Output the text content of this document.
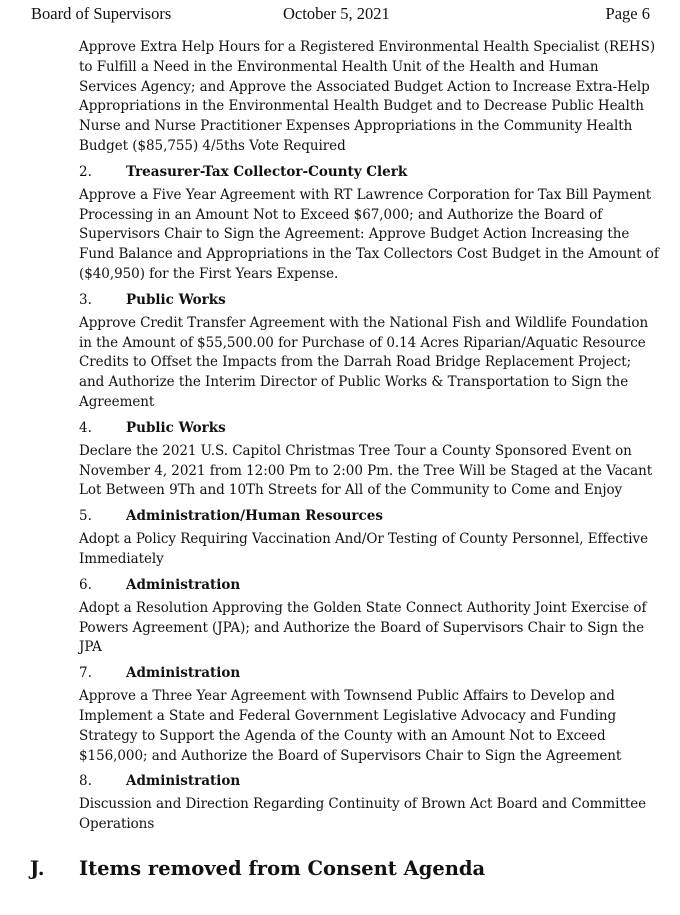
Board of Supervisors	October 5, 2021	Page 6

Approve Extra Help Hours for a Registered Environmental Health Specialist (REHS) to Fulfill a Need in the Environmental Health Unit of the Health and Human Services Agency; and Approve the Associated Budget Action to Increase Extra-Help Appropriations in the Environmental Health Budget and to Decrease Public Health Nurse and Nurse Practitioner Expenses Appropriations in the Community Health Budget ($85,755) 4/5ths Vote Required

2.	Treasurer-Tax Collector-County Clerk

Approve a Five Year Agreement with RT Lawrence Corporation for Tax Bill Payment Processing in an Amount Not to Exceed $67,000; and Authorize the Board of Supervisors Chair to Sign the Agreement: Approve Budget Action Increasing the Fund Balance and Appropriations in the Tax Collectors Cost Budget in the Amount of ($40,950) for the First Years Expense.

3.	Public Works

Approve Credit Transfer Agreement with the National Fish and Wildlife Foundation in the Amount of $55,500.00 for Purchase of 0.14 Acres Riparian/Aquatic Resource Credits to Offset the Impacts from the Darrah Road Bridge Replacement Project; and Authorize the Interim Director of Public Works & Transportation to Sign the Agreement

4.	Public Works

Declare the 2021 U.S. Capitol Christmas Tree Tour a County Sponsored Event on November 4, 2021 from 12:00 Pm to 2:00 Pm. the Tree Will be Staged at the Vacant Lot Between 9Th and 10Th Streets for All of the Community to Come and Enjoy

5.	Administration/Human Resources

Adopt a Policy Requiring Vaccination And/Or Testing of County Personnel, Effective Immediately

6.	Administration

Adopt a Resolution Approving the Golden State Connect Authority Joint Exercise of Powers Agreement (JPA); and Authorize the Board of Supervisors Chair to Sign the JPA

7.	Administration

Approve a Three Year Agreement with Townsend Public Affairs to Develop and Implement a State and Federal Government Legislative Advocacy and Funding Strategy to Support the Agenda of the County with an Amount Not to Exceed $156,000; and Authorize the Board of Supervisors Chair to Sign the Agreement

8.	Administration

Discussion and Direction Regarding Continuity of Brown Act Board and Committee Operations

J.	Items removed from Consent Agenda
